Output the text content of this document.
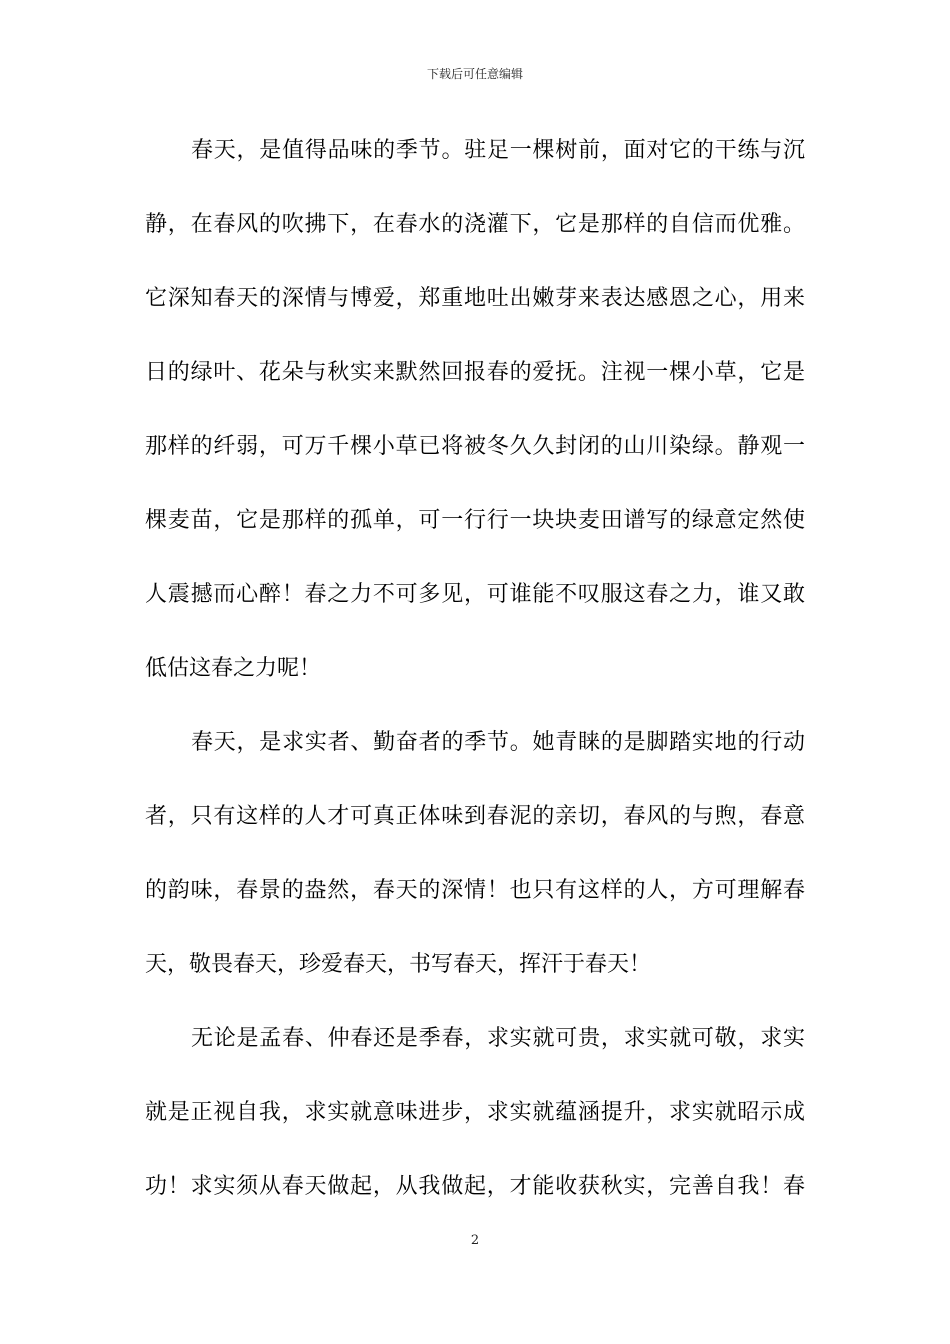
下载后可任意编辑
春天，是值得品味的季节。驻足一棵树前，面对它的干练与沉
静，在春风的吹拂下，在春水的浇灌下，它是那样的自信而优雅。
它深知春天的深情与博爱，郑重地吐出嫩芽来表达感恩之心，用来
日的绿叶、花朵与秋实来默然回报春的爱抚。注视一棵小草，它是
那样的纤弱，可万千棵小草已将被冬久久封闭的山川染绿。静观一
棵麦苗，它是那样的孤单，可一行行一块块麦田谱写的绿意定然使
人震撼而心醉！春之力不可多见，可谁能不叹服这春之力，谁又敢
低估这春之力呢！
春天，是求实者、勤奋者的季节。她青睐的是脚踏实地的行动
者，只有这样的人才可真正体味到春泥的亲切，春风的与煦，春意
的韵味，春景的盎然，春天的深情！也只有这样的人，方可理解春
天，敬畏春天，珍爱春天，书写春天，挥汗于春天！
无论是孟春、仲春还是季春，求实就可贵，求实就可敬，求实
就是正视自我，求实就意味进步，求实就蕴涵提升，求实就昭示成
功！求实须从春天做起，从我做起，才能收获秋实，完善自我！春
2
